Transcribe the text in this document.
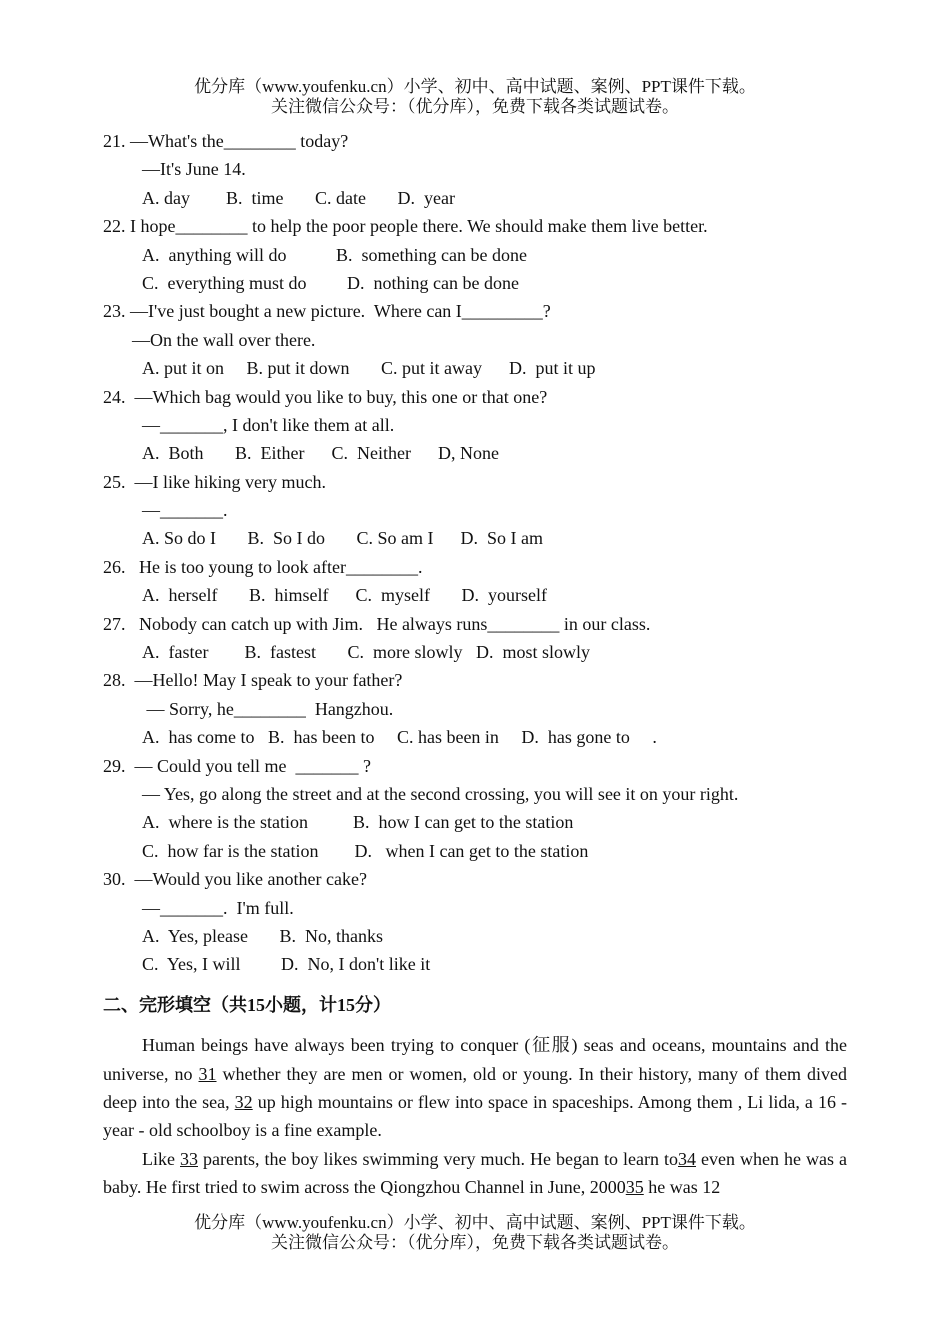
优分库（www.youfenku.cn）小学、初中、高中试题、案例、PPT课件下载。
关注微信公众号：（优分库），免费下载各类试题试卷。
21. —What's the________ today?
—It's June 14.
A. day        B.  time       C. date       D.  year
22. I hope________ to help the poor people there. We should make them live better.
A.  anything will do           B.  something can be done
C.  everything must do         D.  nothing can be done
23. —I've just bought a new picture.  Where can I_________?
—On the wall over there.
A. put it on     B. put it down       C. put it away      D.  put it up
24.  —Which bag would you like to buy, this one or that one?
—_______, I don't like them at all.
A.  Both       B.  Either      C.  Neither      D, None
25.  —I like hiking very much.
—_______.
A. So do I       B.  So I do       C. So am I      D.  So I am
26.   He is too young to look after________.
A.  herself       B.  himself      C.  myself       D.  yourself
27.   Nobody can catch up with Jim.   He always runs________ in our class.
A.  faster        B.  fastest       C.  more slowly   D.  most slowly
28.  —Hello! May I speak to your father?
— Sorry, he________  Hangzhou.
A.  has come to   B.  has been to     C. has been in     D.  has gone to     .
29.  — Could you tell me  _______ ?
— Yes, go along the street and at the second crossing, you will see it on your right.
A.  where is the station          B.  how I can get to the station
C.  how far is the station        D.   when I can get to the station
30.  —Would you like another cake?
—_______.  I'm full.
A.  Yes, please       B.  No, thanks
C.  Yes, I will         D.  No, I don't like it
二、完形填空（共15小题，计15分）
Human beings have always been trying to conquer (征服) seas and oceans, mountains and the universe, no 31 whether they are men or women, old or young. In their history, many of them dived deep into the sea, 32 up high mountains or flew into space in spaceships. Among them , Li lida, a 16 - year - old schoolboy is a fine example.
Like 33 parents, the boy likes swimming very much. He began to learn to34 even when he was a baby. He first tried to swim across the Qiongzhou Channel in June, 200035 he was 12
优分库（www.youfenku.cn）小学、初中、高中试题、案例、PPT课件下载。
关注微信公众号：（优分库），免费下载各类试题试卷。
